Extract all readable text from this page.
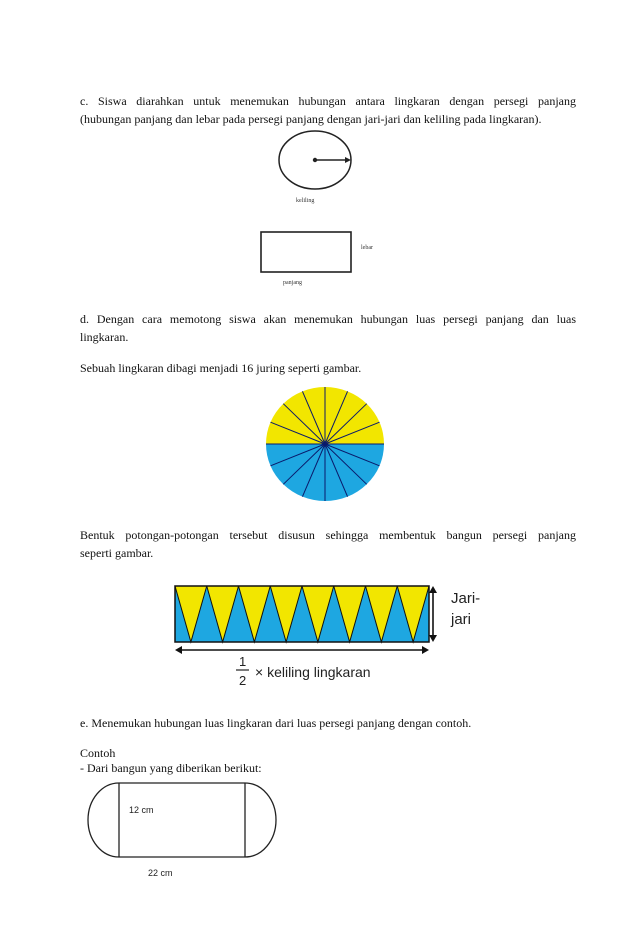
c. Siswa diarahkan untuk menemukan hubungan antara lingkaran dengan persegi panjang

(hubungan panjang dan lebar pada persegi panjang dengan jari-jari dan keliling pada lingkaran).

keliling
lebar
panjang

d. Dengan cara memotong siswa akan menemukan hubungan luas persegi panjang dan luas

lingkaran.

Sebuah lingkaran dibagi menjadi 16 juring seperti gambar.

Bentuk potongan-potongan tersebut disusun sehingga membentuk bangun persegi panjang

seperti gambar.

Jari-
jari
1
2
× keliling lingkaran

e. Menemukan hubungan luas lingkaran dari luas persegi panjang dengan contoh.

Contoh

- Dari bangun yang diberikan berikut:

12 cm
22 cm
